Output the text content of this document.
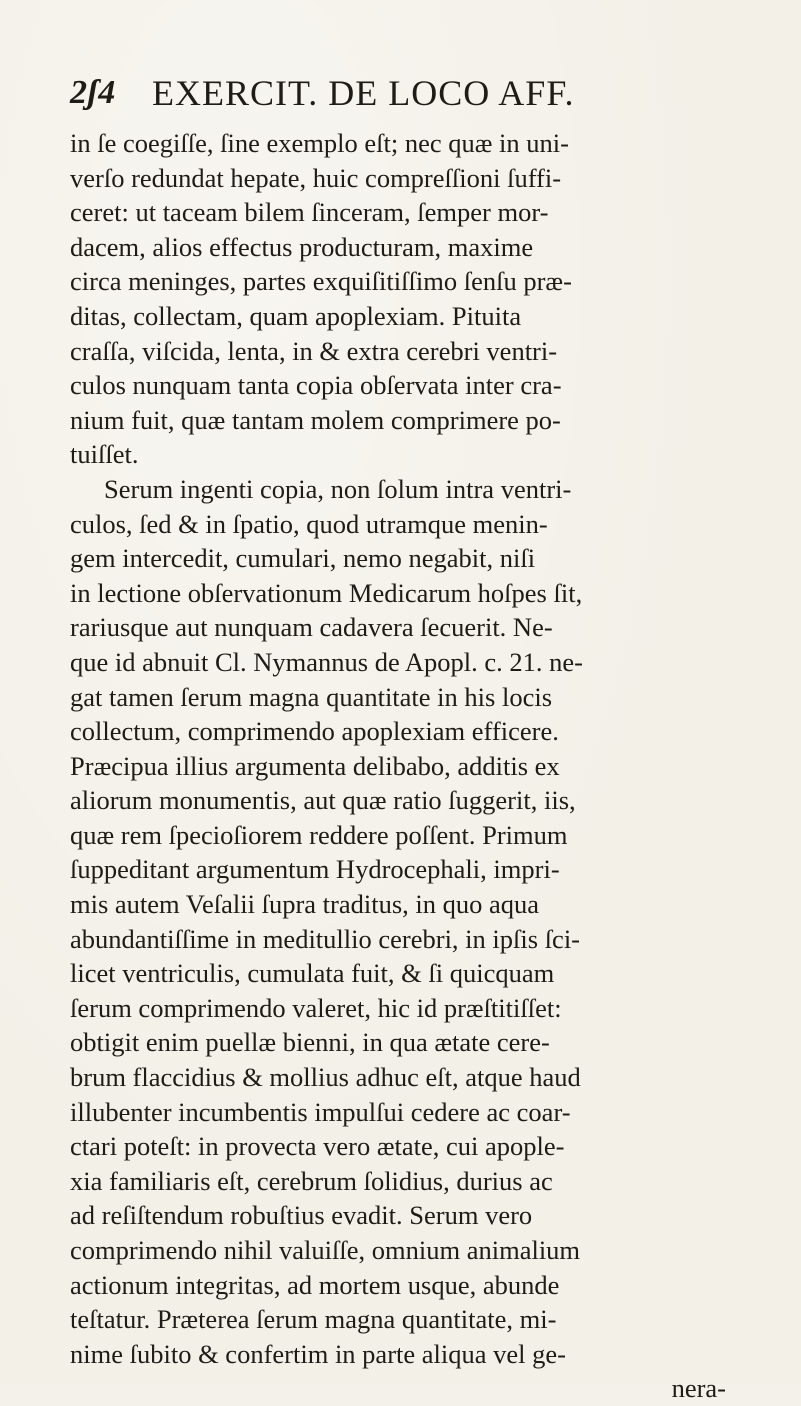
2ʃ4 EXERCIT. DE LOCO AFF.
in ſe coegiſſe, ſine exemplo eſt; nec quæ in uni-
verſo redundat hepate, huic compreſſioni ſuffi-
ceret: ut taceam bilem ſinceram, ſemper mor-
dacem, alios effectus producturam, maxime
circa meninges, partes exquiſitiſſimo ſenſu præ-
ditas, collectam, quam apoplexiam. Pituita
craſſa, viſcida, lenta, in & extra cerebri ventri-
culos nunquam tanta copia obſervata inter cra-
nium fuit, quæ tantam molem comprimere po-
tuiſſet.
Serum ingenti copia, non ſolum intra ventri-
culos, ſed & in ſpatio, quod utramque menin-
gem intercedit, cumulari, nemo negabit, niſi
in lectione obſervationum Medicarum hoſpes ſit,
rariusque aut nunquam cadavera ſecuerit. Ne-
que id abnuit Cl. Nymannus de Apopl. c. 21. ne-
gat tamen ſerum magna quantitate in his locis
collectum, comprimendo apoplexiam efficere.
Præcipua illius argumenta delibabo, additis ex
aliorum monumentis, aut quæ ratio ſuggerit, iis,
quæ rem ſpecioſiorem reddere poſſent. Primum
ſuppeditant argumentum Hydrocephali, impri-
mis autem Veſalii ſupra traditus, in quo aqua
abundantiſſime in meditullio cerebri, in ipſis ſci-
licet ventriculis, cumulata fuit, & ſi quicquam
ſerum comprimendo valeret, hic id præſtitiſſet:
obtigit enim puellæ bienni, in qua ætate cere-
brum flaccidius & mollius adhuc eſt, atque haud
illubenter incumbentis impulſui cedere ac coar-
ctari poteſt: in provecta vero ætate, cui apople-
xia familiaris eſt, cerebrum ſolidius, durius ac
ad reſiſtendum robuſtius evadit. Serum vero
comprimendo nihil valuiſſe, omnium animalium
actionum integritas, ad mortem usque, abunde
teſtatur. Præterea ſerum magna quantitate, mi-
nime ſubito & confertim in parte aliqua vel ge-
nera-
